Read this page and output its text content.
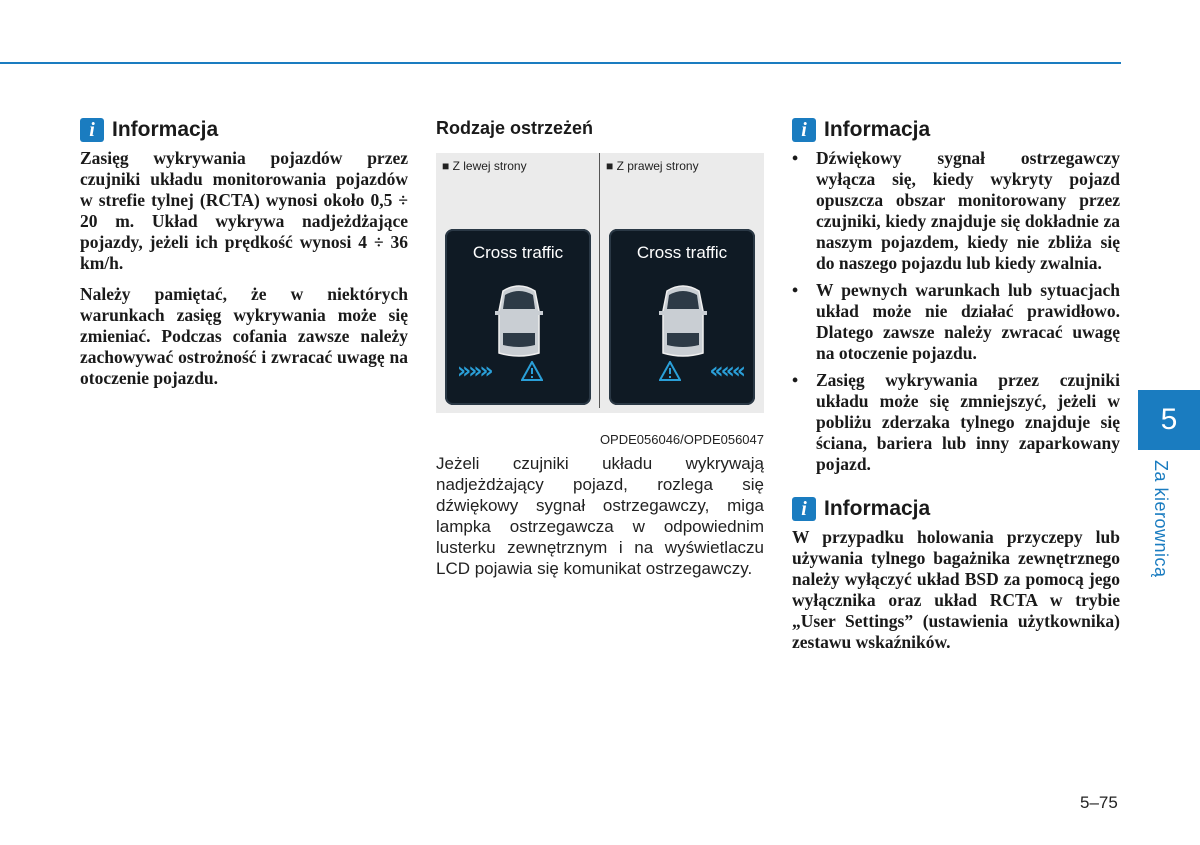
i Informacja

Zasięg wykrywania pojazdów przez czujniki układu monitorowania pojazdów w strefie tylnej (RCTA) wynosi około 0,5 ÷ 20 m. Układ wykrywa nadjeżdżające pojazdy, jeżeli ich prędkość wynosi 4 ÷ 36 km/h.

Należy pamiętać, że w niektórych warunkach zasięg wykrywania może się zmieniać. Podczas cofania zawsze należy zachowywać ostrożność i zwracać uwagę na otoczenie pojazdu.

Rodzaje ostrzeżeń
■ Z lewej strony	■ Z prawej strony
Cross traffic
»»»
Cross traffic
«««
OPDE056046/OPDE056047

Jeżeli czujniki układu wykrywają nadjeżdżający pojazd, rozlega się dźwiękowy sygnał ostrzegawczy, miga lampka ostrzegawcza w odpowiednim lusterku zewnętrznym i na wyświetlaczu LCD pojawia się komunikat ostrzegawczy.

i Informacja
• Dźwiękowy sygnał ostrzegawczy wyłącza się, kiedy wykryty pojazd opuszcza obszar monitorowany przez czujniki, kiedy znajduje się dokładnie za naszym pojazdem, kiedy nie zbliża się do naszego pojazdu lub kiedy zwalnia.
• W pewnych warunkach lub sytuacjach układ może nie działać prawidłowo. Dlatego zawsze należy zwracać uwagę na otoczenie pojazdu.
• Zasięg wykrywania przez czujniki układu może się zmniejszyć, jeżeli w pobliżu zderzaka tylnego znajduje się ściana, bariera lub inny zaparkowany pojazd.
i Informacja

W przypadku holowania przyczepy lub używania tylnego bagażnika zewnętrznego należy wyłączyć układ BSD za pomocą jego wyłącznika oraz układ RCTA w trybie „User Settings” (ustawienia użytkownika) zestawu wskaźników.

5
Za kierownicą
5–75
